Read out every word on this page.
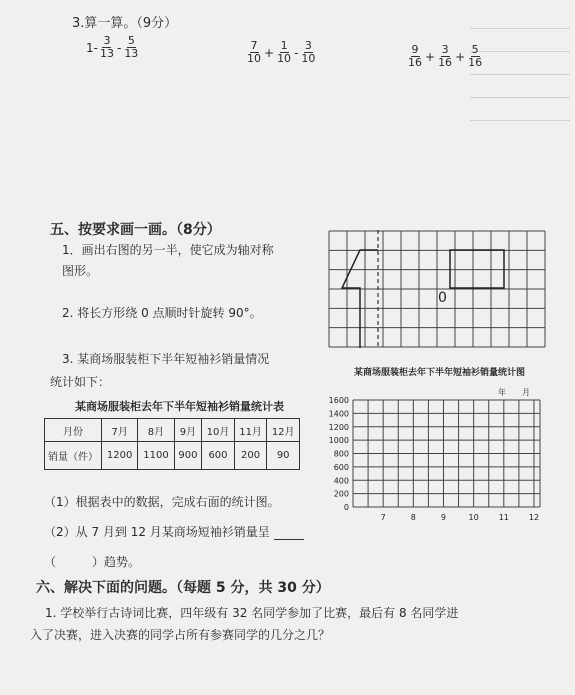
3.算一算。（9分）
1- 3
13 - 5
13
7
$10 + \frac{1}{10} - 3$
10
9
$16 + \frac{3}{16} + \frac{5}{16}$
五、按要求画一画。（8分）
1．画出右图的另一半，使它成为轴对称
图形。
2. 将长方形绕 0 点顺时针旋转 90°。
3. 某商场服装柜下半年短袖衫销量情况
统计如下：
0
某商场服装柜去年下半年短袖衫销量统计表
月份	7月	8月	9月	10月	11月	12月
销量（件）	1200	1100	900	600	200	90
某商场服装柜去年下半年短袖衫销量统计图
0
200
400
600
800
1000
1200
1400
1600
7	8	9	10 11 12
年　　月
（1）根据表中的数据，完成右面的统计图。
（2）从 7 月到 12 月某商场短袖衫销量呈
（　　　）趋势。
六、解决下面的问题。（每题 5 分，共 30 分）
1. 学校举行古诗词比赛，四年级有 32 名同学参加了比赛，最后有 8 名同学进
入了决赛，进入决赛的同学占所有参赛同学的几分之几？
